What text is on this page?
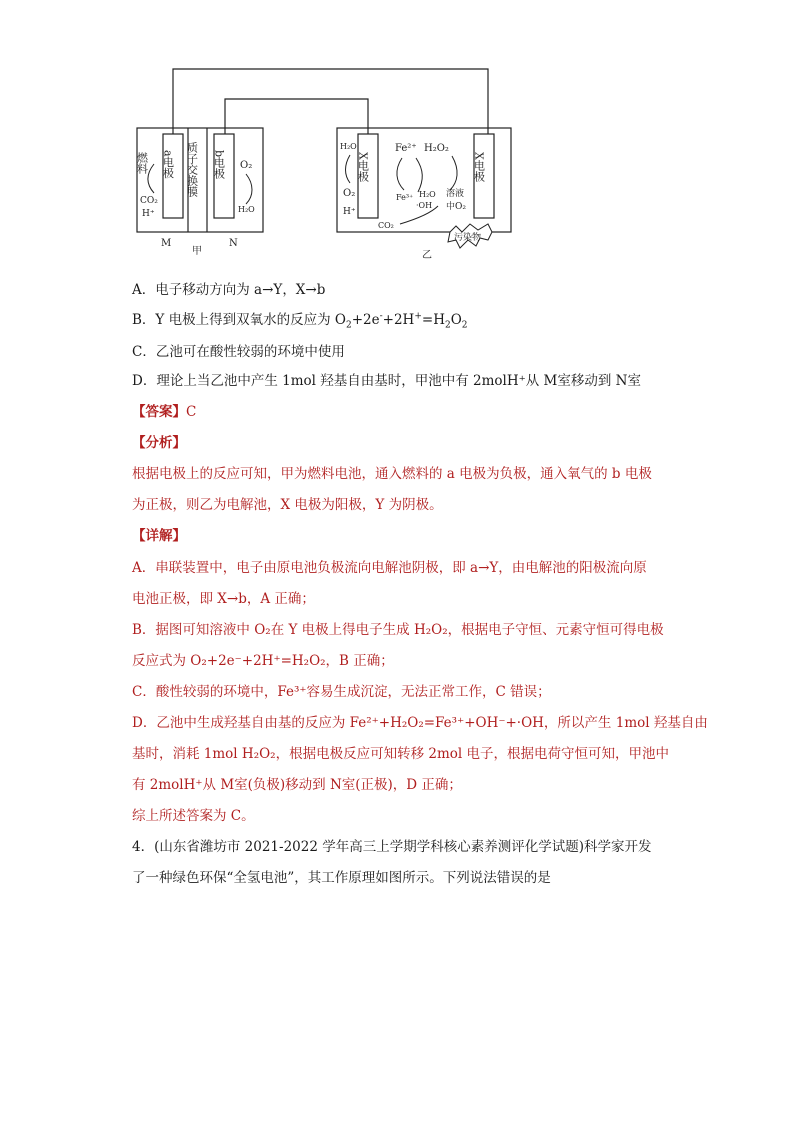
燃料
CO₂
H⁺
a电极 质子交换膜 b电极 O₂
H₂O
M
甲
N
H₂O
O₂
H⁺
X电极
Fe²⁺ H₂O₂
Fe³⁺ H₂O
·OH
溶液
中O₂
CO₂
X电极
污染物
乙
A．电子移动方向为 a→Y，X→b
B．Y 电极上得到双氧水的反应为 $O_2+2e^-+2H^+=H_2O_2$
C．乙池可在酸性较弱的环境中使用
D．理论上当乙池中产生 1mol 羟基自由基时，甲池中有 2molH⁺从 M室移动到 N室
【答案】C
【分析】
根据电极上的反应可知，甲为燃料电池，通入燃料的 a 电极为负极，通入氧气的 b 电极
为正极，则乙为电解池，X 电极为阳极，Y 为阴极。
【详解】
A．串联装置中，电子由原电池负极流向电解池阴极，即 a→Y，由电解池的阳极流向原
电池正极，即 X→b，A 正确；
B．据图可知溶液中 O₂在 Y 电极上得电子生成 H₂O₂，根据电子守恒、元素守恒可得电极
反应式为 O₂+2e⁻+2H⁺=H₂O₂，B 正确；
C．酸性较弱的环境中，Fe³⁺容易生成沉淀，无法正常工作，C 错误；
D．乙池中生成羟基自由基的反应为 Fe²⁺+H₂O₂=Fe³⁺+OH⁻+·OH，所以产生 1mol 羟基自由
基时，消耗 1mol H₂O₂，根据电极反应可知转移 2mol 电子，根据电荷守恒可知，甲池中
有 2molH⁺从 M室(负极)移动到 N室(正极)，D 正确；
综上所述答案为 C。
4．(山东省潍坊市 2021-2022 学年高三上学期学科核心素养测评化学试题)科学家开发
了一种绿色环保“全氢电池”，其工作原理如图所示。下列说法错误的是
